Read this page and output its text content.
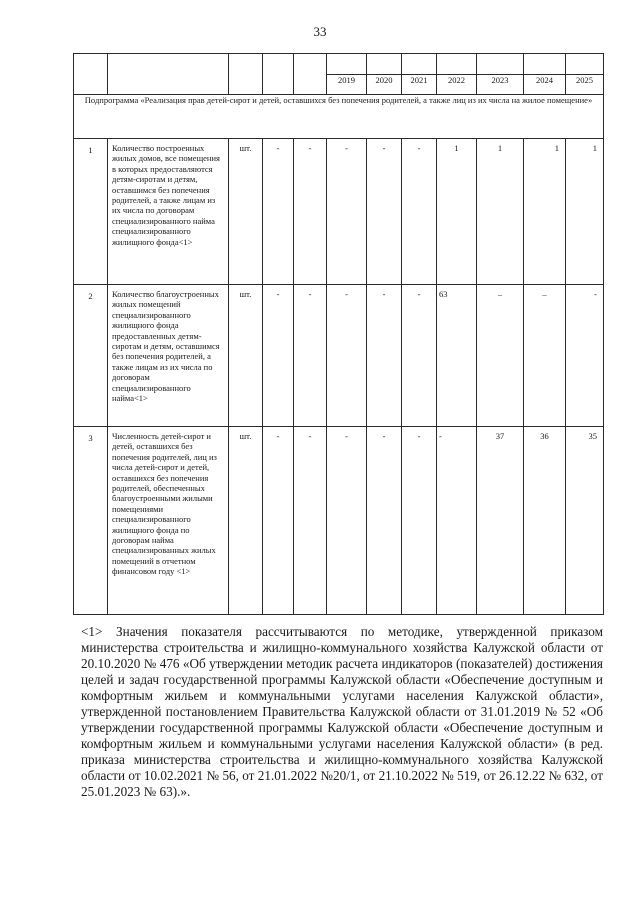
33

					2019	2020	2021	2022	2023	2024	2025
Подпрограмма «Реализация прав детей-сирот и детей, оставшихся без попечения родителей, а также лиц из их числа на жилое помещение»											
1	Количество построенных жилых домов, все помещения в которых предоставляются детям-сиротам и детям, оставшимся без попечения родителей, а также лицам из их числа по договорам специализированного найма специализированного жилищного фонда<1>	шт.	-	-	-	-	-	1	1	1	1
2	Количество благоустроенных жилых помещений специализированного жилищного фонда предоставленных детям-сиротам и детям, оставшимся без попечения родителей, а также лицам из их числа по договорам специализированного найма<1>	шт.	-	-	-	-	-	63	–	–	-
3	Численность детей-сирот и детей, оставшихся без попечения родителей, лиц из числа детей-сирот и детей, оставшихся без попечения родителей, обеспеченных благоустроенными жилыми помещениями специализированного жилищного фонда по договорам найма специализированных жилых помещений в отчетном финансовом году <1>	шт.	-	-	-	-	-	-	37	36	35
<1> Значения показателя рассчитываются по методике, утвержденной приказом министерства строительства и жилищно-коммунального хозяйства Калужской области от 20.10.2020 № 476 «Об утверждении методик расчета индикаторов (показателей) достижения целей и задач государственной программы Калужской области «Обеспечение доступным и комфортным жильем и коммунальными услугами населения Калужской области», утвержденной постановлением Правительства Калужской области от 31.01.2019 № 52 «Об утверждении государственной программы Калужской области «Обеспечение доступным и комфортным жильем и коммунальными услугами населения Калужской области» (в ред. приказа министерства строительства и жилищно-коммунального хозяйства Калужской области от 10.02.2021 № 56, от 21.01.2022 №20/1, от 21.10.2022 № 519, от 26.12.22 № 632, от 25.01.2023 № 63).».
